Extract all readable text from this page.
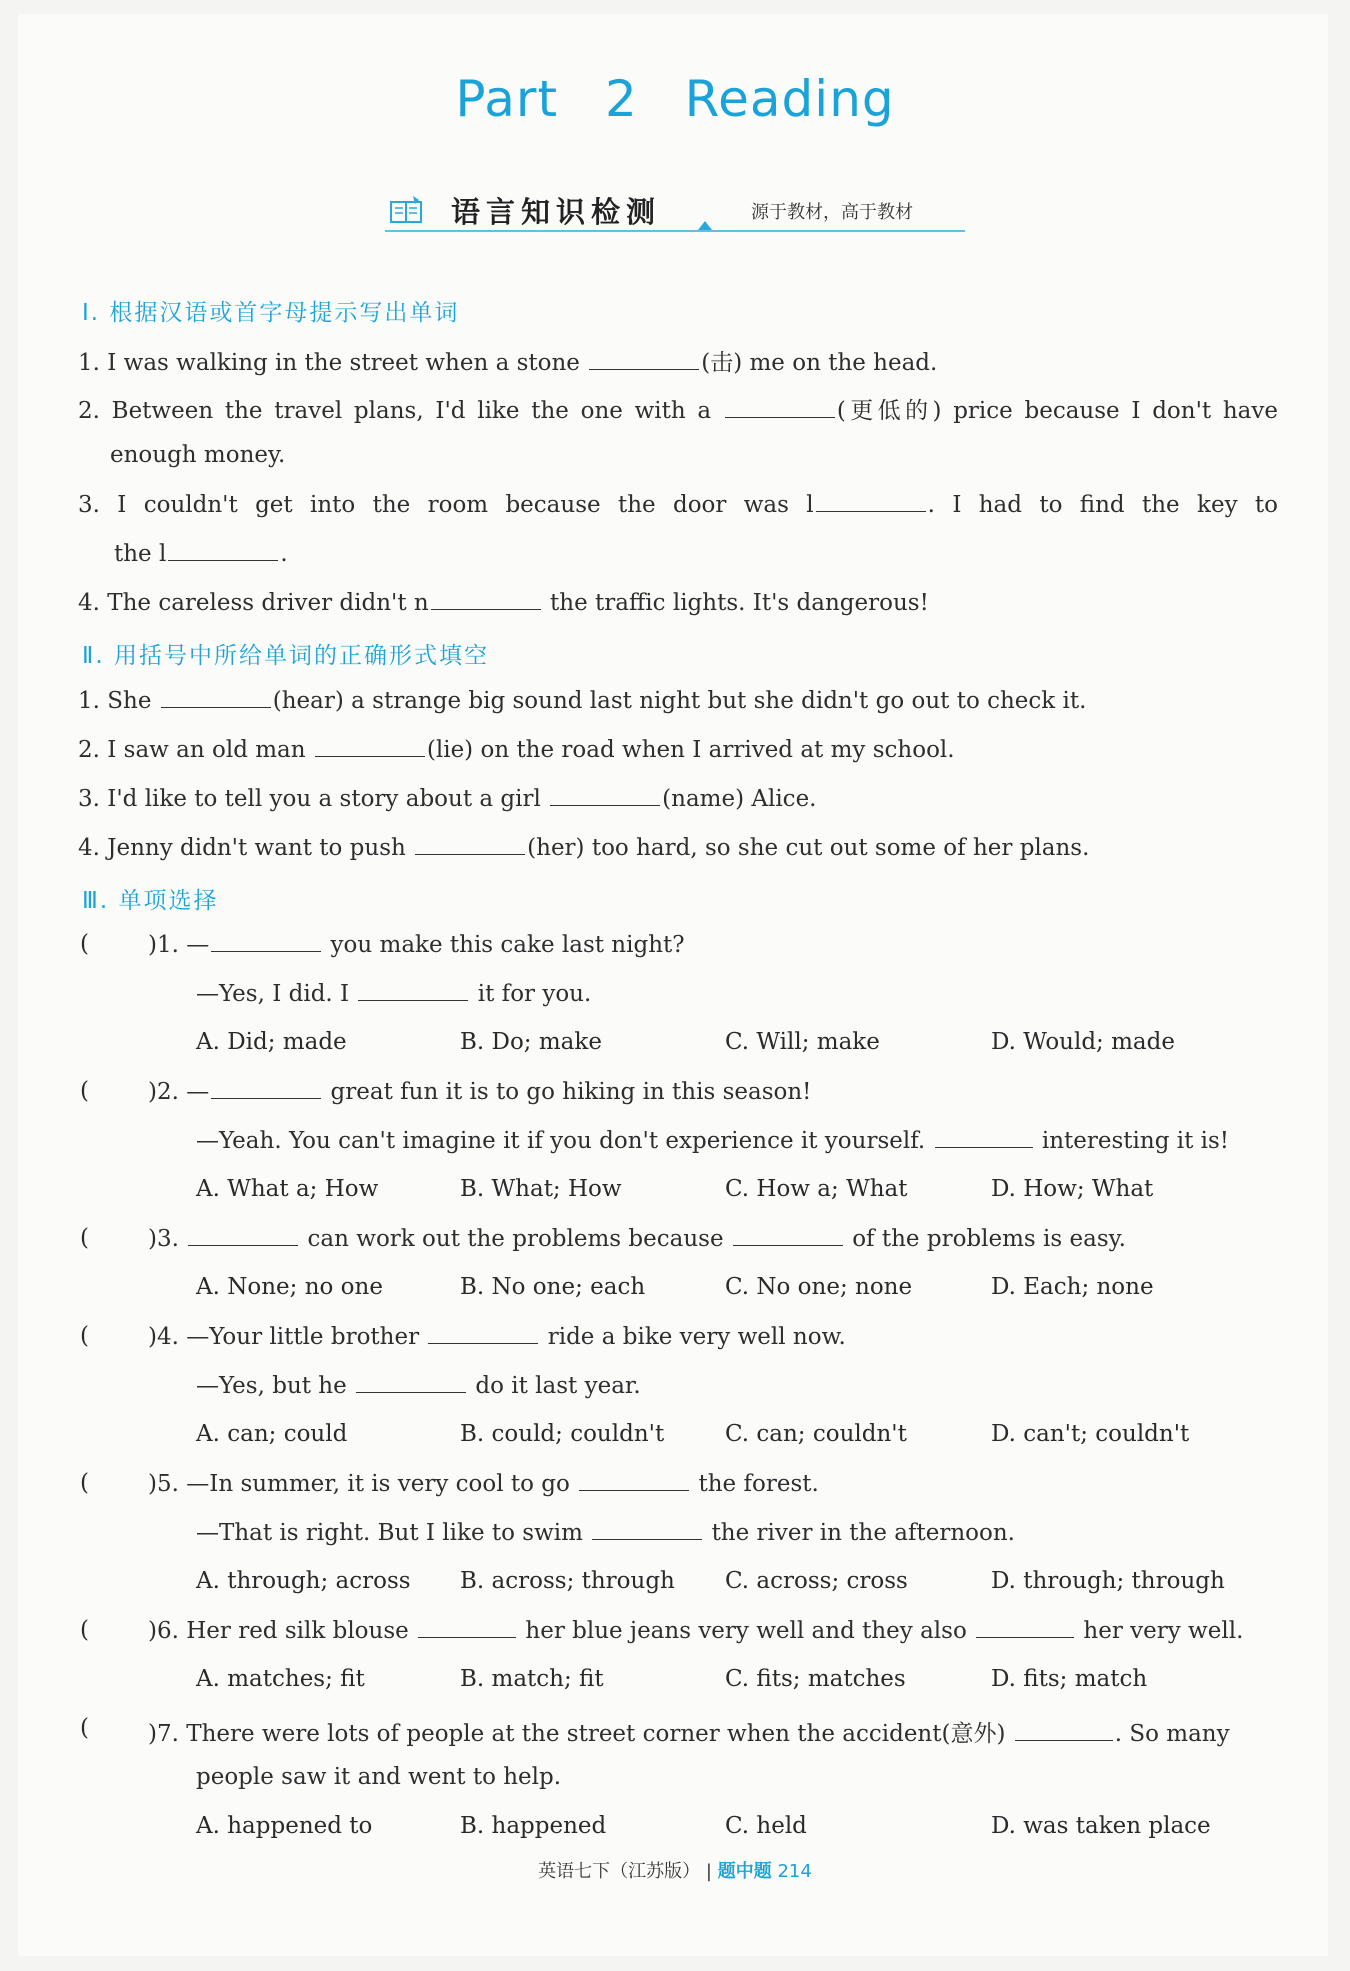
Part 2 Reading
语言知识检测	源于教材，高于教材
Ⅰ. 根据汉语或首字母提示写出单词
1. I was walking in the street when a stone	(击) me on the head.
2. Between the travel plans, I'd like the one with a	(更低的) price because I don't have
enough money.
3. I couldn't get into the room because the door was l	. I had to find the key to
the l	.
4. The careless driver didn't n	the traffic lights. It's dangerous!
Ⅱ. 用括号中所给单词的正确形式填空
1. She	(hear) a strange big sound last night but she didn't go out to check it.
2. I saw an old man	(lie) on the road when I arrived at my school.
3. I'd like to tell you a story about a girl	(name) Alice.
4. Jenny didn't want to push	(her) too hard, so she cut out some of her plans.
Ⅲ. 单项选择
(	)1. —	you make this cake last night?
—Yes, I did. I	it for you.
A. Did; made	B. Do; make	C. Will; make	D. Would; made
(	)2. —	great fun it is to go hiking in this season!
—Yeah. You can't imagine it if you don't experience it yourself.	interesting it is!
A. What a; How	B. What; How	C. How a; What	D. How; What
(	)3.	can work out the problems because	of the problems is easy.
A. None; no one	B. No one; each	C. No one; none	D. Each; none
(	)4. —Your little brother	ride a bike very well now.
—Yes, but he	do it last year.
A. can; could	B. could; couldn't	C. can; couldn't	D. can't; couldn't
(	)5. —In summer, it is very cool to go	the forest.
—That is right. But I like to swim	the river in the afternoon.
A. through; across B. across; through C. across; cross	D. through; through
(	)6. Her red silk blouse	her blue jeans very well and they also	her very well.
A. matches; fit	B. match; fit	C. fits; matches	D. fits; match
(	)7. There were lots of people at the street corner when the accident(意外)	. So many
people saw it and went to help.
A. happened to	B. happened	C. held	D. was taken place
英语七下（江苏版） | 题中题 214
